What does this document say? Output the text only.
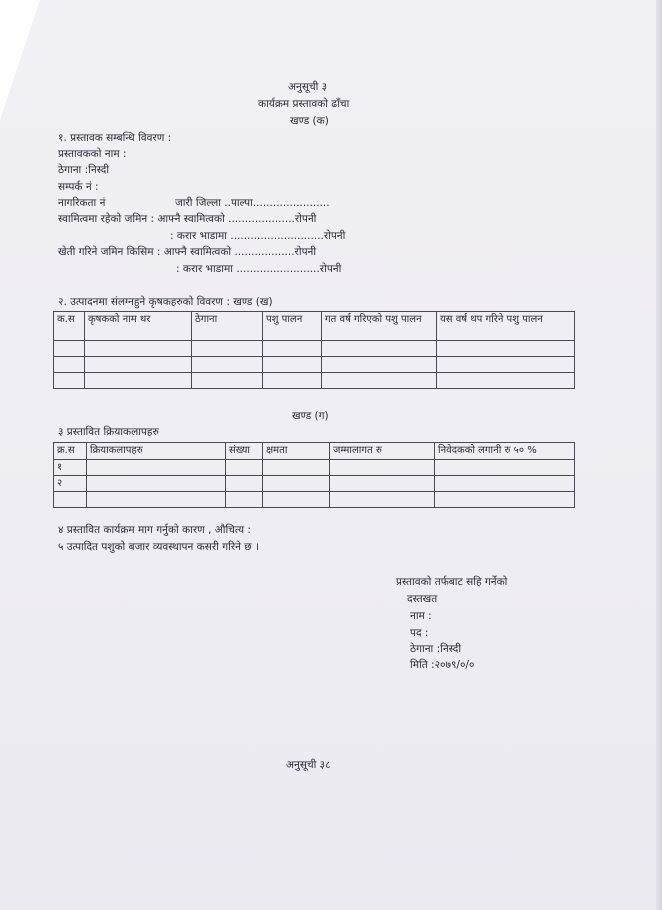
अनुसूची ३
कार्यक्रम प्रस्तावको ढाँचा
खण्ड (क)
१. प्रस्तावक सम्बन्धि विवरण :
प्रस्तावकको नाम :
ठेगाना :निस्दी
सम्पर्क नं :
नागरिकता नं	जारी जिल्ला ..पाल्पा.......................
स्वामित्वमा रहेको जमिन : आफ्नै स्वामित्वको ....................रोपनी
: करार भाडामा ............................रोपनी
खेती गरिने जमिन किसिम : आफ्नै स्वामित्वको ..................रोपनी
: करार भाडामा .........................रोपनी
२. उत्पादनमा संलग्नहुने कृषकहरुको विवरण : खण्ड (ख)
क.स	कृषकको नाम थर	ठेगाना	पशु पालन	गत वर्ष गरिएको पशु पालन	यस वर्ष थप गरिने पशु पालन

खण्ड (ग)
३ प्रस्तावित क्रियाकलापहरु
क्र.स	क्रियाकलापहरु	संख्या	क्षमता	जम्मालागत रु	निवेदकको लगानी रु ५० %
१					
२					

४ प्रस्तावित कार्यक्रम माग गर्नुको कारण , औचित्य :
५ उत्पादित पशुको बजार व्यवस्थापन कसरी गरिने छ ।
प्रस्तावको तर्फबाट सहि गर्नेको
दस्तखत
नाम :
पद :
ठेगाना :निस्दी
मिति :२०७९/०/०
अनुसूची ३८
